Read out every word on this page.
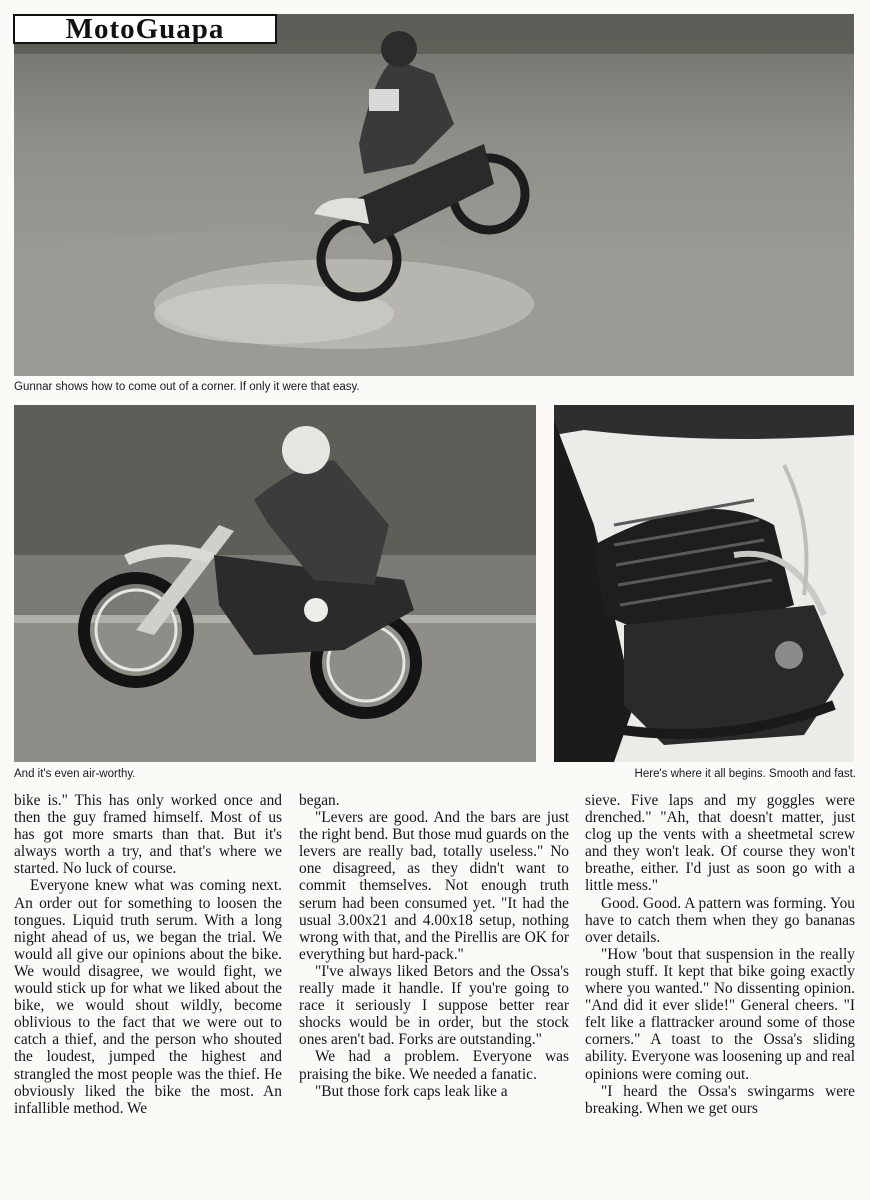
MotoGuapa
Gunnar shows how to come out of a corner. If only it were that easy.
And it's even air-worthy.	Here's where it all begins. Smooth and fast.

bike is." This has only worked once and then the guy framed himself. Most of us has got more smarts than that. But it's always worth a try, and that's where we started. No luck of course.

Everyone knew what was coming next. An order out for something to loosen the tongues. Liquid truth serum. With a long night ahead of us, we began the trial. We would all give our opinions about the bike. We would disagree, we would fight, we would stick up for what we liked about the bike, we would shout wildly, become oblivious to the fact that we were out to catch a thief, and the person who shouted the loudest, jumped the highest and strangled the most people was the thief. He obviously liked the bike the most. An infallible method. We

began.

"Levers are good. And the bars are just the right bend. But those mud guards on the levers are really bad, totally useless." No one disagreed, as they didn't want to commit themselves. Not enough truth serum had been consumed yet. "It had the usual 3.00x21 and 4.00x18 setup, nothing wrong with that, and the Pirellis are OK for everything but hard-pack."

"I've always liked Betors and the Ossa's really made it handle. If you're going to race it seriously I suppose better rear shocks would be in order, but the stock ones aren't bad. Forks are outstanding."

We had a problem. Everyone was praising the bike. We needed a fanatic.

"But those fork caps leak like a

sieve. Five laps and my goggles were drenched." "Ah, that doesn't matter, just clog up the vents with a sheetmetal screw and they won't leak. Of course they won't breathe, either. I'd just as soon go with a little mess."

Good. Good. A pattern was forming. You have to catch them when they go bananas over details.

"How 'bout that suspension in the really rough stuff. It kept that bike going exactly where you wanted." No dissenting opinion. "And did it ever slide!" General cheers. "I felt like a flattracker around some of those corners." A toast to the Ossa's sliding ability. Everyone was loosening up and real opinions were coming out.

"I heard the Ossa's swingarms were breaking. When we get ours
